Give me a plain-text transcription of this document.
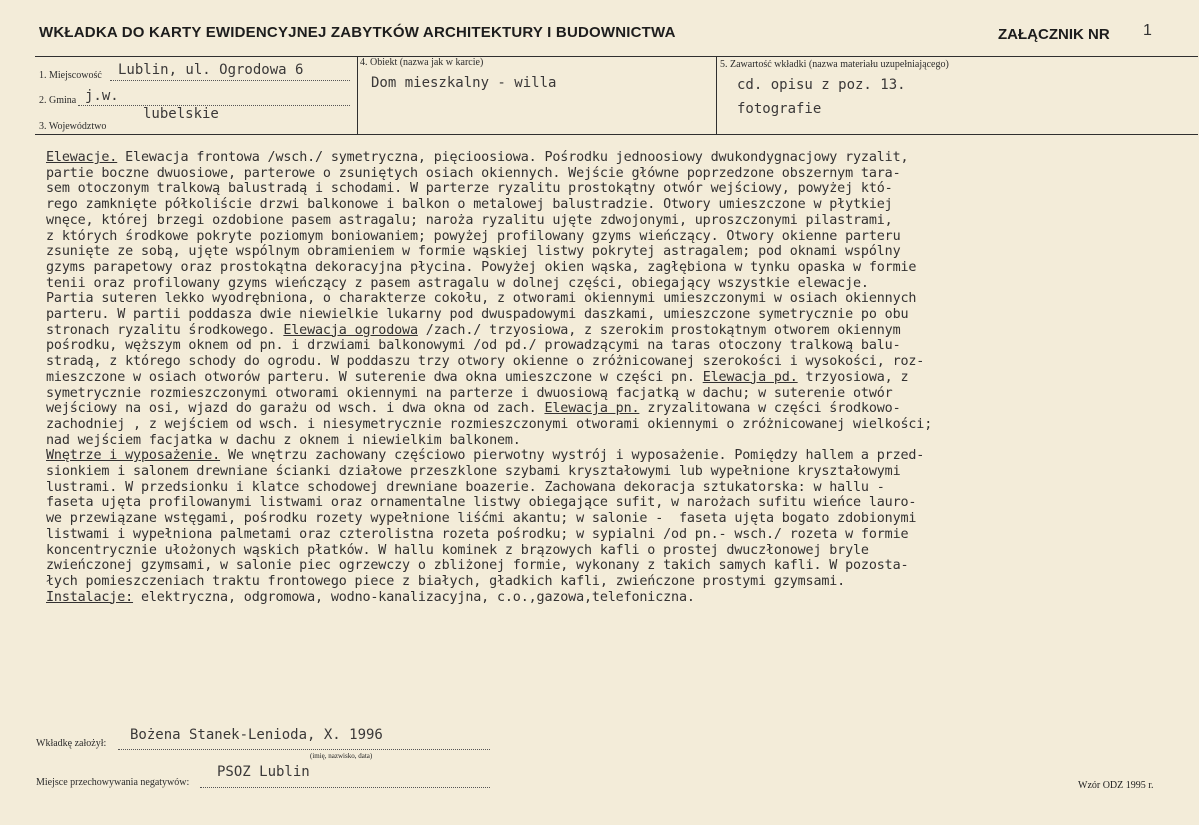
WKŁADKA DO KARTY EWIDENCYJNEJ ZABYTKÓW ARCHITEKTURY I BUDOWNICTWA	ZAŁĄCZNIK NR 1
1. Miejscowość Lublin, ul. Ogrodowa 6
2. Gmina j.w.
3. Województwo
lubelskie
4. Obiekt (nazwa jak w karcie)
Dom mieszkalny - willa
5. Zawartość wkładki (nazwa materiału uzupełniającego)
cd. opisu z poz. 13.
fotografie
Elewacje. Elewacja frontowa /wsch./ symetryczna, pięcioosiowa. Pośrodku jednoosiowy dwukondygnacjowy ryzalit,
partie boczne dwuosiowe, parterowe o zsuniętych osiach okiennych. Wejście główne poprzedzone obszernym tara-
sem otoczonym tralkową balustradą i schodami. W parterze ryzalitu prostokątny otwór wejściowy, powyżej któ-
rego zamknięte półkoliście drzwi balkonowe i balkon o metalowej balustradzie. Otwory umieszczone w płytkiej
wnęce, której brzegi ozdobione pasem astragalu; naroża ryzalitu ujęte zdwojonymi, uproszczonymi pilastrami,
z których środkowe pokryte poziomym boniowaniem; powyżej profilowany gzyms wieńczący. Otwory okienne parteru
zsunięte ze sobą, ujęte wspólnym obramieniem w formie wąskiej listwy pokrytej astragalem; pod oknami wspólny
gzyms parapetowy oraz prostokątna dekoracyjna płycina. Powyżej okien wąska, zagłębiona w tynku opaska w formie
tenii oraz profilowany gzyms wieńczący z pasem astragalu w dolnej części, obiegający wszystkie elewacje.
Partia suteren lekko wyodrębniona, o charakterze cokołu, z otworami okiennymi umieszczonymi w osiach okiennych
parteru. W partii poddasza dwie niewielkie lukarny pod dwuspadowymi daszkami, umieszczone symetrycznie po obu
stronach ryzalitu środkowego. Elewacja ogrodowa /zach./ trzyosiowa, z szerokim prostokątnym otworem okiennym
pośrodku, węższym oknem od pn. i drzwiami balkonowymi /od pd./ prowadzącymi na taras otoczony tralkową balu-
stradą, z którego schody do ogrodu. W poddaszu trzy otwory okienne o zróżnicowanej szerokości i wysokości, roz-
mieszczone w osiach otworów parteru. W suterenie dwa okna umieszczone w części pn. Elewacja pd. trzyosiowa, z
symetrycznie rozmieszczonymi otworami okiennymi na parterze i dwuosiową facjatką w dachu; w suterenie otwór
wejściowy na osi, wjazd do garażu od wsch. i dwa okna od zach. Elewacja pn. zryzalitowana w części środkowo-
zachodniej , z wejściem od wsch. i niesymetrycznie rozmieszczonymi otworami okiennymi o zróżnicowanej wielkości;
nad wejściem facjatka w dachu z oknem i niewielkim balkonem.
Wnętrze i wyposażenie. We wnętrzu zachowany częściowo pierwotny wystrój i wyposażenie. Pomiędzy hallem a przed-
sionkiem i salonem drewniane ścianki działowe przeszklone szybami kryształowymi lub wypełnione kryształowymi
lustrami. W przedsionku i klatce schodowej drewniane boazerie. Zachowana dekoracja sztukatorska: w hallu -
faseta ujęta profilowanymi listwami oraz ornamentalne listwy obiegające sufit, w narożach sufitu wieńce lauro-
we przewiązane wstęgami, pośrodku rozety wypełnione liśćmi akantu; w salonie -  faseta ujęta bogato zdobionymi
listwami i wypełniona palmetami oraz czterolistna rozeta pośrodku; w sypialni /od pn.- wsch./ rozeta w formie
koncentrycznie ułożonych wąskich płatków. W hallu kominek z brązowych kafli o prostej dwuczłonowej bryle
zwieńczonej gzymsami, w salonie piec ogrzewczy o zbliżonej formie, wykonany z takich samych kafli. W pozosta-
łych pomieszczeniach traktu frontowego piece z białych, gładkich kafli, zwieńczone prostymi gzymsami.
Instalacje: elektryczna, odgromowa, wodno-kanalizacyjna, c.o.,gazowa,telefoniczna.
Wkładkę założył:
Bożena Stanek-Lenioda, X. 1996
(imię, nazwisko, data)
Miejsce przechowywania negatywów:
PSOZ Lublin
Wzór ODZ 1995 r.
